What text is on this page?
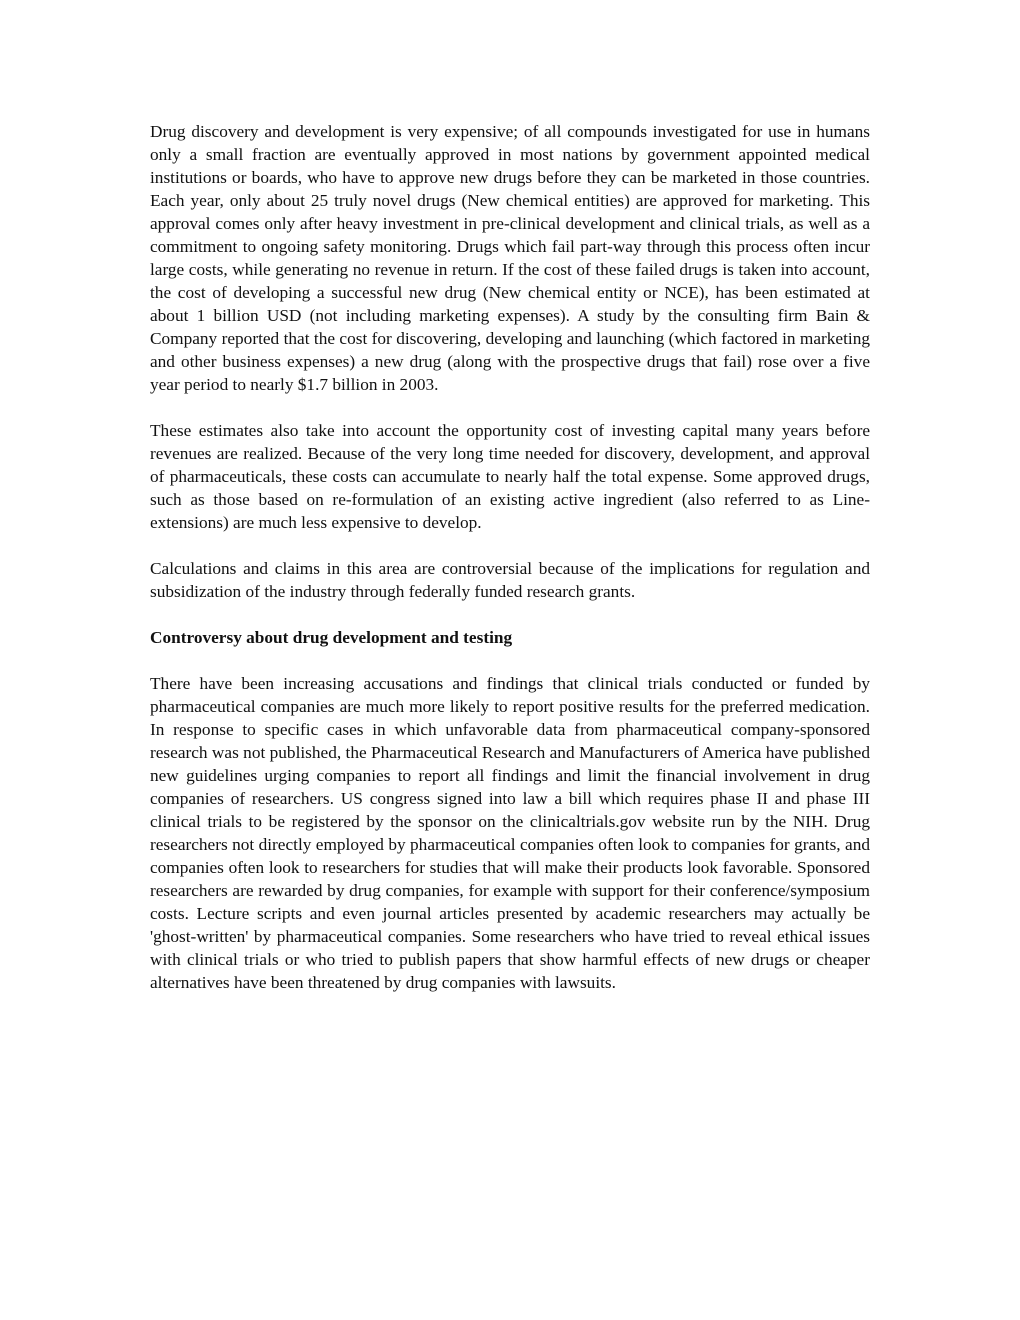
Drug discovery and development is very expensive; of all compounds investigated for use in humans only a small fraction are eventually approved in most nations by government appointed medical institutions or boards, who have to approve new drugs before they can be marketed in those countries. Each year, only about 25 truly novel drugs (New chemical entities) are approved for marketing. This approval comes only after heavy investment in pre-clinical development and clinical trials, as well as a commitment to ongoing safety monitoring. Drugs which fail part-way through this process often incur large costs, while generating no revenue in return. If the cost of these failed drugs is taken into account, the cost of developing a successful new drug (New chemical entity or NCE), has been estimated at about 1 billion USD (not including marketing expenses). A study by the consulting firm Bain & Company reported that the cost for discovering, developing and launching (which factored in marketing and other business expenses) a new drug (along with the prospective drugs that fail) rose over a five year period to nearly $1.7 billion in 2003.

These estimates also take into account the opportunity cost of investing capital many years before revenues are realized. Because of the very long time needed for discovery, development, and approval of pharmaceuticals, these costs can accumulate to nearly half the total expense. Some approved drugs, such as those based on re-formulation of an existing active ingredient (also referred to as Line-extensions) are much less expensive to develop.

Calculations and claims in this area are controversial because of the implications for regulation and subsidization of the industry through federally funded research grants.

Controversy about drug development and testing

There have been increasing accusations and findings that clinical trials conducted or funded by pharmaceutical companies are much more likely to report positive results for the preferred medication. In response to specific cases in which unfavorable data from pharmaceutical company-sponsored research was not published, the Pharmaceutical Research and Manufacturers of America have published new guidelines urging companies to report all findings and limit the financial involvement in drug companies of researchers. US congress signed into law a bill which requires phase II and phase III clinical trials to be registered by the sponsor on the clinicaltrials.gov website run by the NIH. Drug researchers not directly employed by pharmaceutical companies often look to companies for grants, and companies often look to researchers for studies that will make their products look favorable. Sponsored researchers are rewarded by drug companies, for example with support for their conference/symposium costs. Lecture scripts and even journal articles presented by academic researchers may actually be 'ghost-written' by pharmaceutical companies. Some researchers who have tried to reveal ethical issues with clinical trials or who tried to publish papers that show harmful effects of new drugs or cheaper alternatives have been threatened by drug companies with lawsuits.
